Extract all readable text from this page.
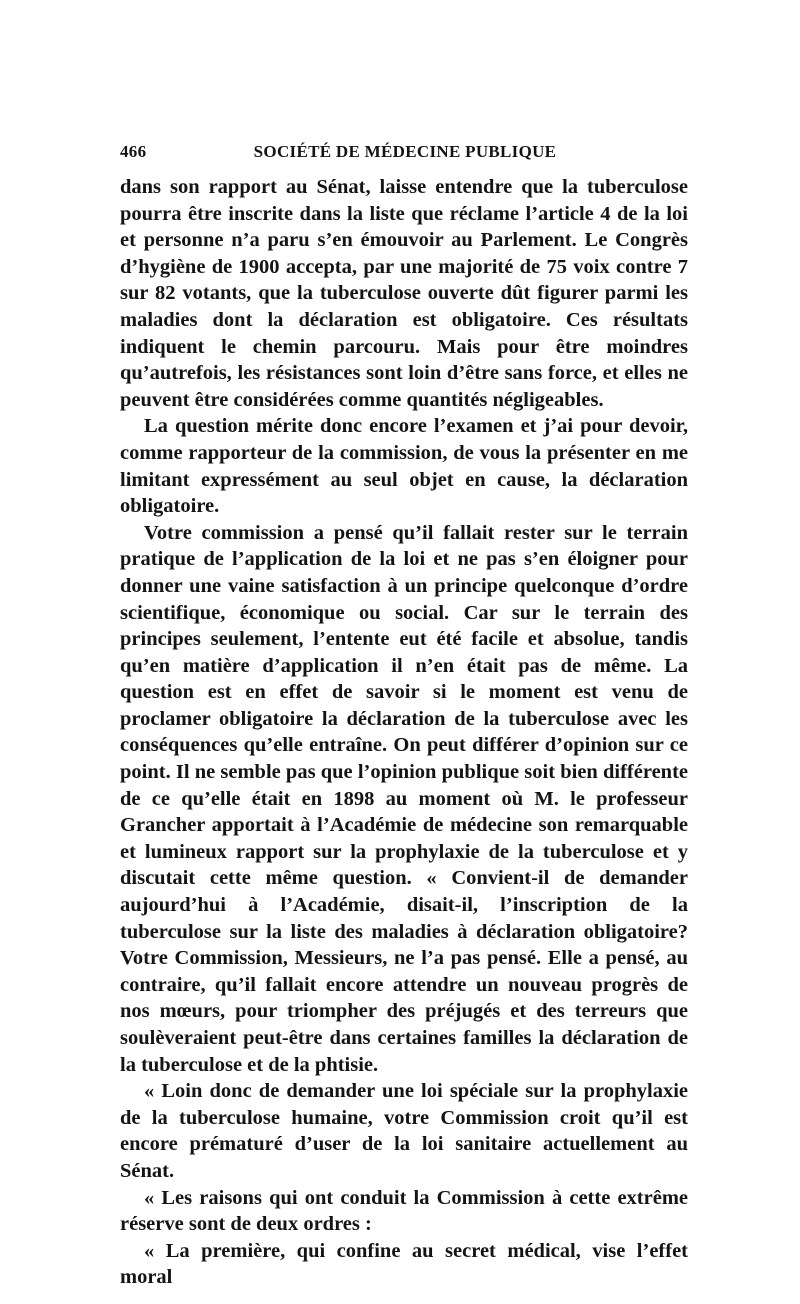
466	SOCIÉTÉ DE MÉDECINE PUBLIQUE

dans son rapport au Sénat, laisse entendre que la tuberculose pourra être inscrite dans la liste que réclame l’article 4 de la loi et personne n’a paru s’en émouvoir au Parlement. Le Congrès d’hygiène de 1900 accepta, par une majorité de 75 voix contre 7 sur 82 votants, que la tuberculose ouverte dût figurer parmi les maladies dont la déclaration est obligatoire. Ces résultats indiquent le chemin parcouru. Mais pour être moindres qu’autrefois, les résistances sont loin d’être sans force, et elles ne peuvent être considérées comme quantités négligeables.

La question mérite donc encore l’examen et j’ai pour devoir, comme rapporteur de la commission, de vous la présenter en me limitant expressément au seul objet en cause, la déclaration obligatoire.

Votre commission a pensé qu’il fallait rester sur le terrain pratique de l’application de la loi et ne pas s’en éloigner pour donner une vaine satisfaction à un principe quelconque d’ordre scientifique, économique ou social. Car sur le terrain des principes seulement, l’entente eut été facile et absolue, tandis qu’en matière d’application il n’en était pas de même. La question est en effet de savoir si le moment est venu de proclamer obligatoire la déclaration de la tuberculose avec les conséquences qu’elle entraîne. On peut différer d’opinion sur ce point. Il ne semble pas que l’opinion publique soit bien différente de ce qu’elle était en 1898 au moment où M. le professeur Grancher apportait à l’Académie de médecine son remarquable et lumineux rapport sur la prophylaxie de la tuberculose et y discutait cette même question. « Convient-il de demander aujourd’hui à l’Académie, disait-il, l’inscription de la tuberculose sur la liste des maladies à déclaration obligatoire? Votre Commission, Messieurs, ne l’a pas pensé. Elle a pensé, au contraire, qu’il fallait encore attendre un nouveau progrès de nos mœurs, pour triompher des préjugés et des terreurs que soulèveraient peut-être dans certaines familles la déclaration de la tuberculose et de la phtisie.

« Loin donc de demander une loi spéciale sur la prophylaxie de la tuberculose humaine, votre Commission croit qu’il est encore prématuré d’user de la loi sanitaire actuellement au Sénat.

« Les raisons qui ont conduit la Commission à cette extrême réserve sont de deux ordres :

« La première, qui confine au secret médical, vise l’effet moral
